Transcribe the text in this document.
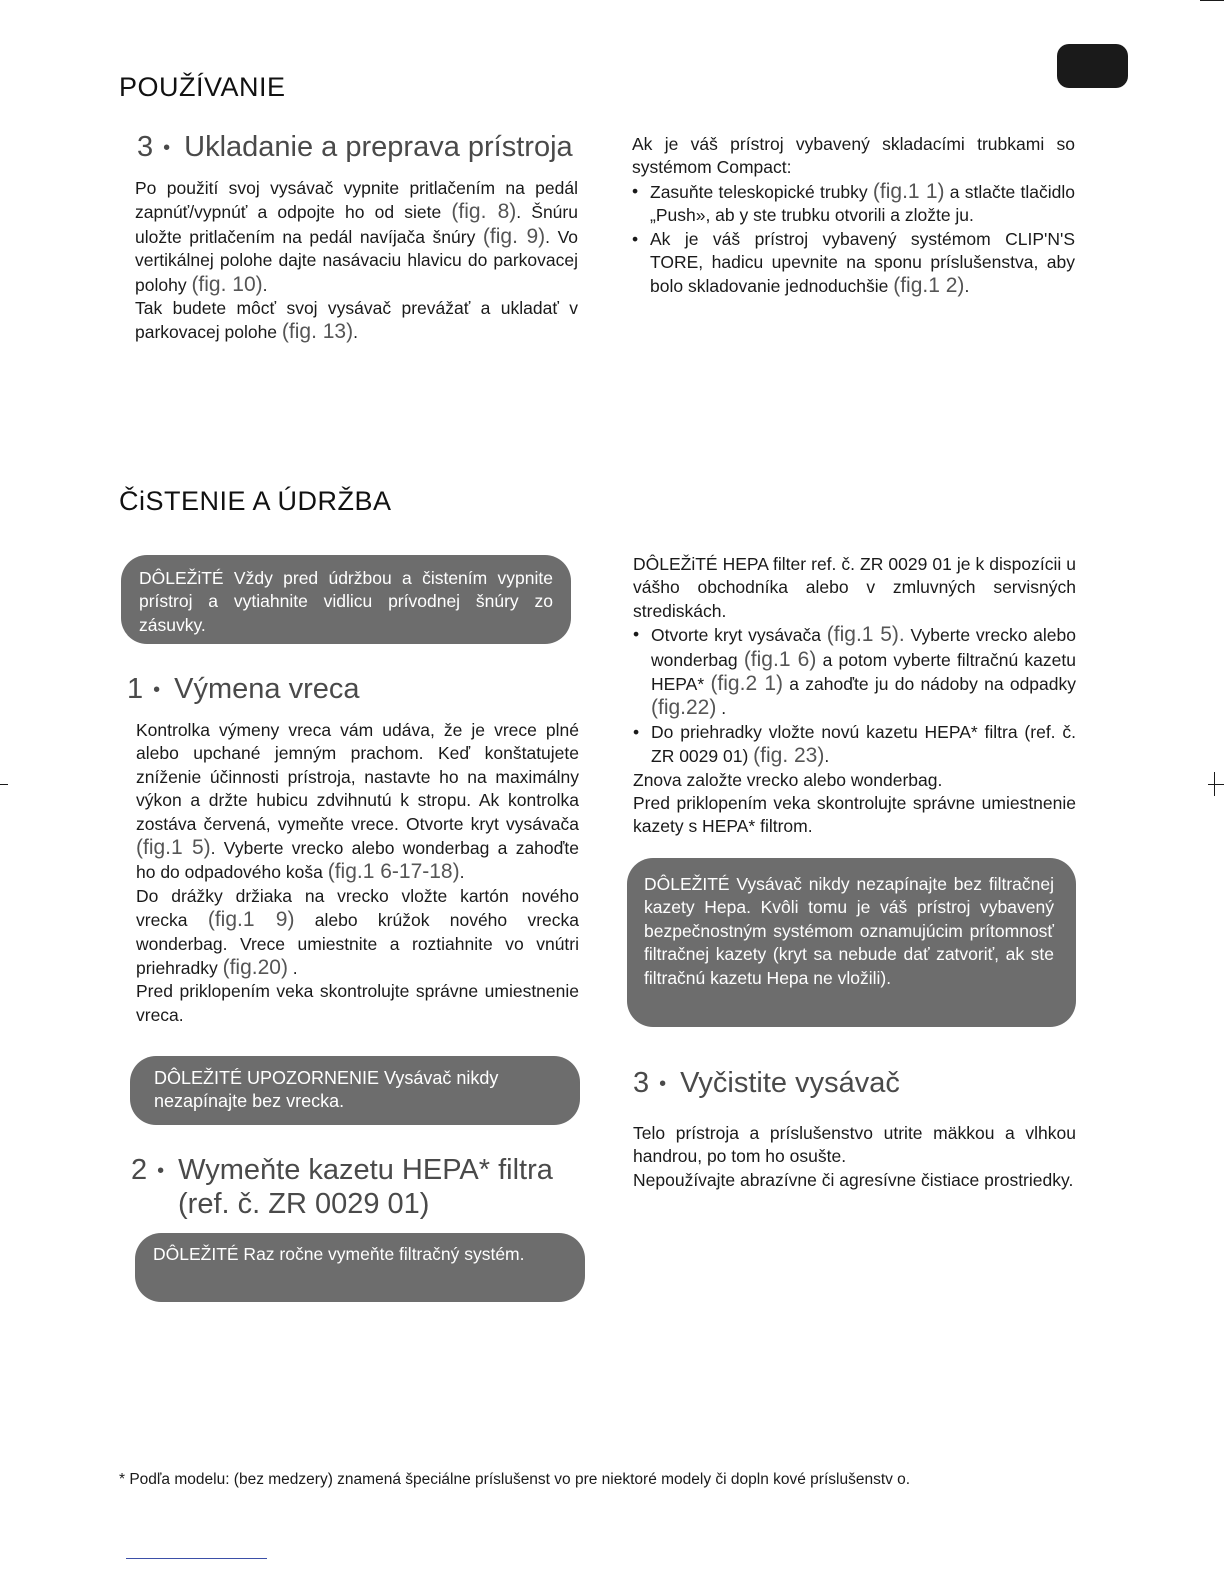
POUŽÍVANIE
3 • Ukladanie a preprava prístroja

Po použití svoj vysávač vypnite pritlačením na pedál zapnúť/vypnúť a odpojte ho od siete (fig. 8). Šnúru uložte pritlačením na pedál navíjača šnúry (fig. 9). Vo vertikálnej polohe dajte nasávaciu hlavicu do parkovacej polohy (fig. 10).

Tak budete môcť svoj vysávač prevážať a ukladať v parkovacej polohe (fig. 13).

Ak je váš prístroj vybavený skladacími trubkami so systémom Compact:

• Zasuňte teleskopické trubky (fig.1 1) a stlačte tlačidlo „Push», ab y ste trubku otvorili a zložte ju.
• Ak je váš prístroj vybavený systémom CLIP'N'S TORE, hadicu upevnite na sponu príslušenstva, aby bolo skladovanie jednoduchšie (fig.1 2).
ČiSTENIE A ÚDRŽBA
DÔLEŽiTÉ Vždy pred údržbou a čistením vypnite prístroj a vytiahnite vidlicu prívodnej šnúry zo zásuvky.
1 • Výmena vreca

Kontrolka výmeny vreca vám udáva, že je vrece plné alebo upchané jemným prachom. Keď konštatujete zníženie účinnosti prístroja, nastavte ho na maximálny výkon a držte hubicu zdvihnutú k stropu. Ak kontrolka zostáva červená, vymeňte vrece. Otvorte kryt vysávača (fig.1 5). Vyberte vrecko alebo wonderbag a zahoďte ho do odpadového koša (fig.1 6-17-18).

Do drážky držiaka na vrecko vložte kartón nového vrecka (fig.1 9) alebo krúžok nového vrecka wonderbag. Vrece umiestnite a roztiahnite vo vnútri priehradky (fig.20) .

Pred priklopením veka skontrolujte správne umiestnenie vreca.

DÔLEŽITÉ UPOZORNENIE Vysávač nikdy nezapínajte bez vrecka.
2 • Wymeňte kazetu HEPA* filtra
(ref. č. ZR 0029 01)
DÔLEŽITÉ Raz ročne vymeňte filtračný systém.

DÔLEŽiTÉ HEPA filter ref. č. ZR 0029 01 je k dispozícii u vášho obchodníka alebo v zmluvných servisných strediskách.

• Otvorte kryt vysávača (fig.1 5). Vyberte vrecko alebo wonderbag (fig.1 6) a potom vyberte filtračnú kazetu HEPA* (fig.2 1) a zahoďte ju do nádoby na odpadky (fig.22) .
• Do priehradky vložte novú kazetu HEPA* filtra (ref. č. ZR 0029 01) (fig. 23).

Znova založte vrecko alebo wonderbag.

Pred priklopením veka skontrolujte správne umiestnenie kazety s HEPA* filtrom.

DÔLEŽITÉ Vysávač nikdy nezapínajte bez filtračnej kazety Hepa. Kvôli tomu je váš prístroj vybavený bezpečnostným systémom oznamujúcim prítomnosť filtračnej kazety (kryt sa nebude dať zatvoriť, ak ste filtračnú kazetu Hepa ne vložili).
3 • Vyčistite vysávač

Telo prístroja a príslušenstvo utrite mäkkou a vlhkou handrou, po tom ho osušte.

Nepoužívajte abrazívne či agresívne čistiace prostriedky.

* Podľa modelu: (bez medzery) znamená špeciálne príslušenst vo pre niektoré modely či dopln kové príslušenstv o.
